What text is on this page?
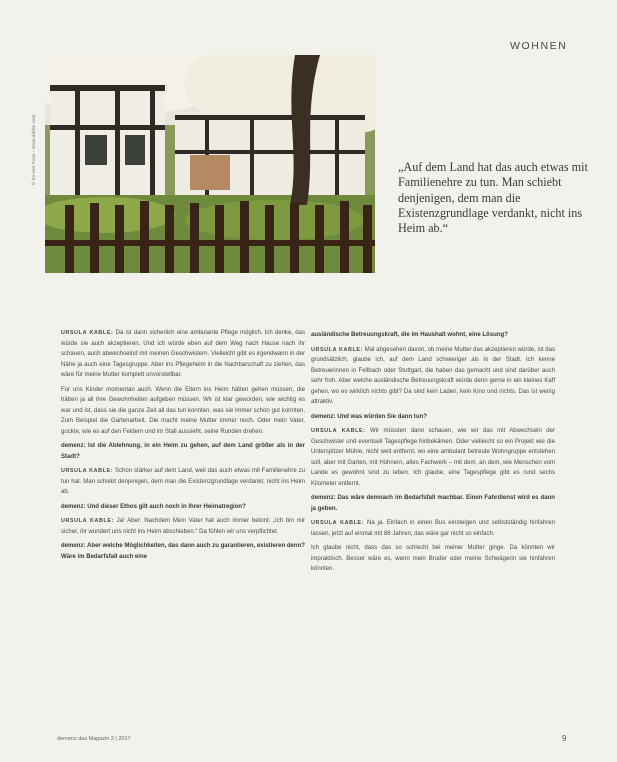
WOHNEN
© Ka Hoe Foon – stock.adobe.com	„Auf dem Land hat das auch etwas mit Familienehre zu tun. Man schiebt denjenigen, dem man die Existenzgrundlage verdankt, nicht ins Heim ab.“

URSULA KABLE: Da ist dann sicherlich eine ambulante Pflege möglich. Ich denke, das würde sie auch akzeptieren. Und ich würde eben auf dem Weg nach Hause nach ihr schauen, auch abwechselnd mit meinen Geschwistern. Vielleicht gibt es irgendwann in der Nähe ja auch eine Tagesgruppe. Aber ins Pflegeheim in die Nachbarschaft zu ziehen, das wäre für meine Mutter komplett unvorstellbar.

Für uns Kinder momentan auch. Wenn die Eltern ins Heim hätten gehen müssen, die hätten ja all ihre Gewohnheiten aufgeben müssen. Wir ist klar geworden, wie wichtig es war und ist, dass sie die ganze Zeit all das tun konnten, was sie immer schon gut konnten. Zum Beispiel die Gartenarbeit. Die macht meine Mutter immer noch. Oder mein Vater, guckte, wie es auf den Feldern und im Stall aussieht, seine Runden drehen.

demenz: Ist die Ablehnung, in ein Heim zu gehen, auf dem Land größer als in der Stadt?

URSULA KABLE: Schon stärker auf dem Land, weil das auch etwas mit Familienehre zu tun hat. Man schiebt denjenigen, dem man die Existenzgrundlage verdankt, nicht ins Heim ab.

demenz: Und dieser Ethos gilt auch noch in Ihrer Heimatregion?

URSULA KABLE: Ja! Aber: Nachdem Mein Vater hat auch immer betont: „Ich bin mir sicher, ihr wundert uns nicht ins Heim abschieben.“ Da fühlen wir uns verpflichtet.

demenz: Aber welche Möglichkeiten, das dann auch zu garantieren, existieren denn? Wäre im Bedarfsfall auch eine

ausländische Betreuungskraft, die im Haushalt wohnt, eine Lösung?

URSULA KABLE: Mal abgesehen davon, ob meine Mutter das akzeptieren würde, ist das grundsätzlich, glaube ich, auf dem Land schwieriger als in der Stadt. Ich kenne Betreuerinnen in Fellbach oder Stuttgart, die haben das gemacht und sind darüber auch sehr froh. Aber welche ausländische Betreuungskraft würde denn gerne in ein kleines Kaff gehen, wo es wirklich nichts gibt? Da sind kein Laden, kein Kino und nichts. Das ist wenig attraktiv.

demenz: Und was würden Sie dann tun?

URSULA KABLE: Wir müssten dann schauen, wie wir das mit Abwechseln der Geschwister und eventuell Tagespflege hinbekämen. Oder vielleicht so ein Projekt wie die Unterspitzer Mühle, nicht weit entfernt, wo eine ambulant betreute Wohngruppe entstehen soll, aber mit Garten, mit Hühnern, altes Fachwerk – mit dem, an dem, wie Menschen vom Lande es gewohnt sind zu leben. Ich glaube, eine Tagespflege gibt es rund sechs Kilometer entfernt.

demenz: Das wäre demnach im Bedarfsfall machbar. Einen Fahrdienst wird es dann ja geben.

URSULA KABLE: Na ja. Einfach in einen Bus einsteigen und selbstständig hinfahren lassen, jetzt auf einmal mit 86 Jahren, das wäre gar nicht so einfach.

Ich glaube nicht, dass das so schlecht bei meiner Mutter ginge. Da könnten wir impraktisch. Besser wäre es, wenn mein Bruder oder meine Schwägerin sie hinfahren könnten.

demenz das Magazin 3 | 2017	9
